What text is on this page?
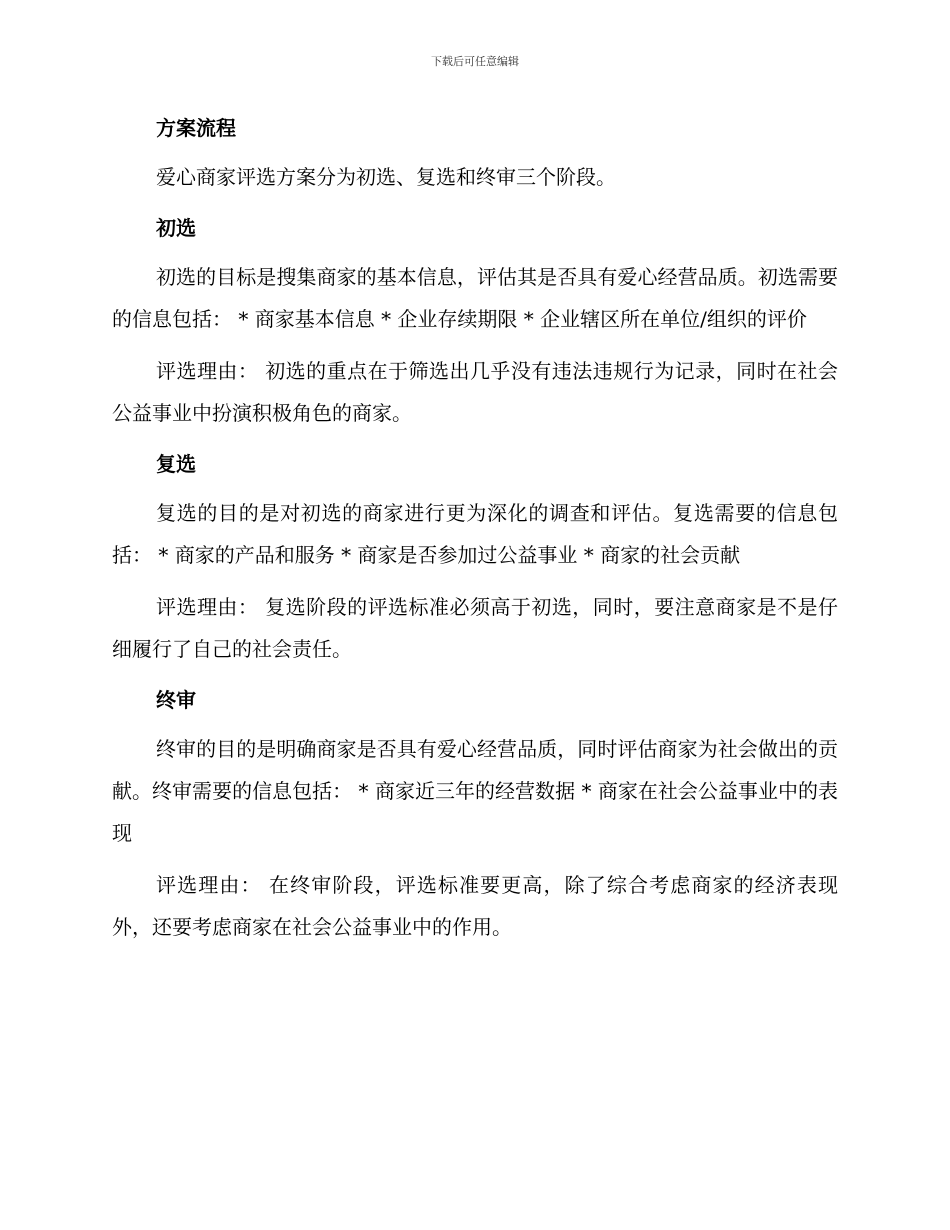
下载后可任意编辑
方案流程

爱心商家评选方案分为初选、复选和终审三个阶段。

初选

初选的目标是搜集商家的基本信息，评估其是否具有爱心经营品质。初选需要的信息包括： * 商家基本信息 * 企业存续期限 * 企业辖区所在单位/组织的评价

评选理由： 初选的重点在于筛选出几乎没有违法违规行为记录，同时在社会公益事业中扮演积极角色的商家。

复选

复选的目的是对初选的商家进行更为深化的调查和评估。复选需要的信息包括： * 商家的产品和服务 * 商家是否参加过公益事业 * 商家的社会贡献

评选理由： 复选阶段的评选标准必须高于初选，同时，要注意商家是不是仔细履行了自己的社会责任。

终审

终审的目的是明确商家是否具有爱心经营品质，同时评估商家为社会做出的贡献。终审需要的信息包括： * 商家近三年的经营数据 * 商家在社会公益事业中的表现

评选理由： 在终审阶段，评选标准要更高，除了综合考虑商家的经济表现外，还要考虑商家在社会公益事业中的作用。
